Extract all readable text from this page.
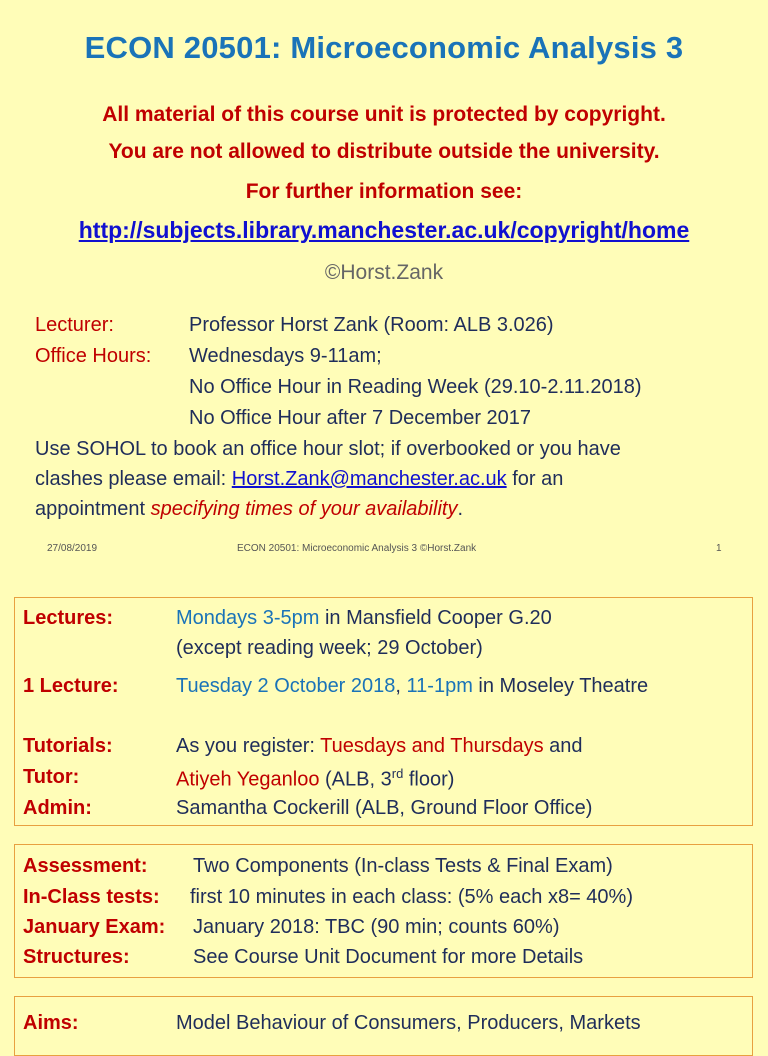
ECON 20501: Microeconomic Analysis 3
All material of this course unit is protected by copyright.
You are not allowed to distribute outside the university.
For further information see:
http://subjects.library.manchester.ac.uk/copyright/home
©Horst.Zank
Lecturer:	Professor Horst Zank (Room: ALB 3.026)
Office Hours: Wednesdays 9-11am;
No Office Hour in Reading Week (29.10-2.11.2018)
No Office Hour after 7 December 2017
Use SOHOL to book an office hour slot; if overbooked or you have
clashes please email: Horst.Zank@manchester.ac.uk for an
appointment specifying times of your availability.
27/08/2019	ECON 20501: Microeconomic Analysis 3 ©Horst.Zank	1
Lectures:	Mondays 3-5pm in Mansfield Cooper G.20
(except reading week; 29 October)
1 Lecture:	Tuesday 2 October 2018, 11-1pm in Moseley Theatre
Tutorials:	As you register: Tuesdays and Thursdays and
Tutor:	Atiyeh Yeganloo (ALB, 3rd floor)
Admin:	Samantha Cockerill (ALB, Ground Floor Office)
Assessment: Two Components (In-class Tests & Final Exam)
In-Class tests: first 10 minutes in each class: (5% each x8= 40%)
January Exam: January 2018: TBC (90 min; counts 60%)
Structures:	See Course Unit Document for more Details
Aims:	Model Behaviour of Consumers, Producers, Markets
